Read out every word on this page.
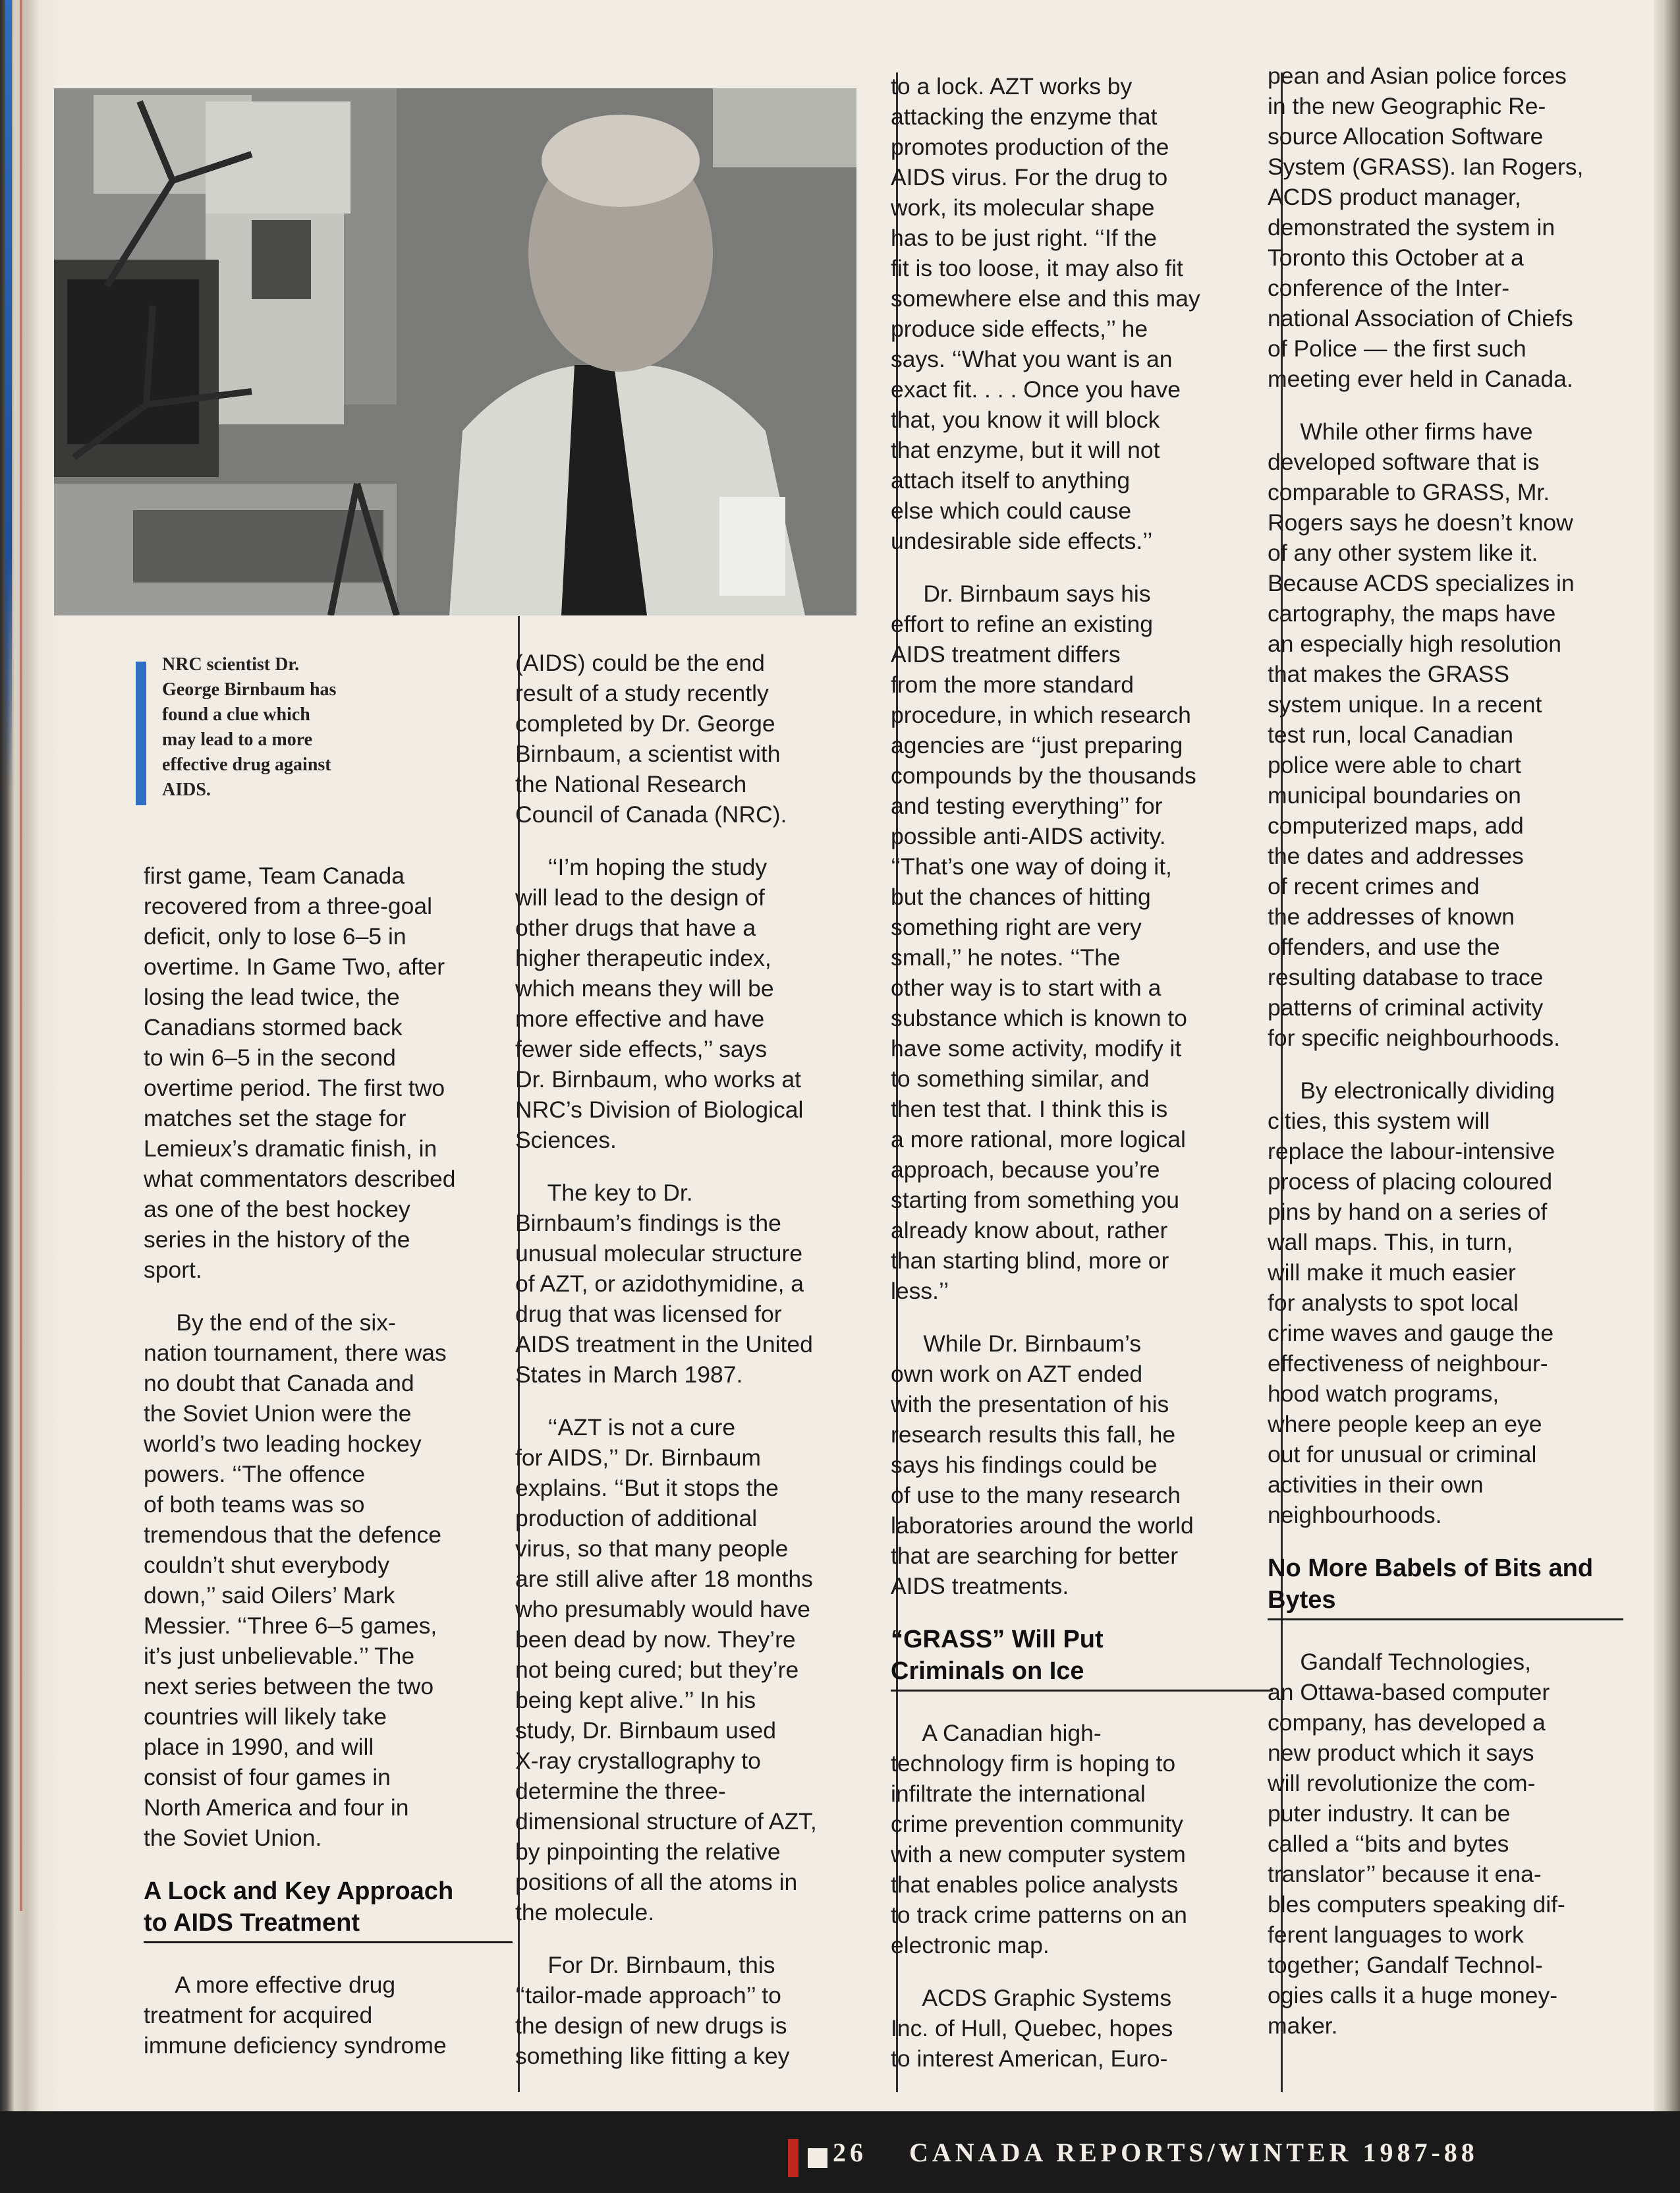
NRC scientist Dr.

George Birnbaum has

found a clue which

may lead to a more

effective drug against

AIDS.

first game, Team Canada

recovered from a three-goal

deficit, only to lose 6–5 in

overtime. In Game Two, after

losing the lead twice, the

Canadians stormed back

to win 6–5 in the second

overtime period. The first two

matches set the stage for

Lemieux’s dramatic finish, in

what commentators described

as one of the best hockey

series in the history of the

sport.

By the end of the six-

nation tournament, there was

no doubt that Canada and

the Soviet Union were the

world’s two leading hockey

powers. ‘‘The offence

of both teams was so

tremendous that the defence

couldn’t shut everybody

down,’’ said Oilers’ Mark

Messier. ‘‘Three 6–5 games,

it’s just unbelievable.’’ The

next series between the two

countries will likely take

place in 1990, and will

consist of four games in

North America and four in

the Soviet Union.

A Lock and Key Approach
to AIDS Treatment

A more effective drug

treatment for acquired

immune deficiency syndrome

(AIDS) could be the end

result of a study recently

completed by Dr. George

Birnbaum, a scientist with

the National Research

Council of Canada (NRC).

‘‘I’m hoping the study

will lead to the design of

other drugs that have a

higher therapeutic index,

which means they will be

more effective and have

fewer side effects,’’ says

Dr. Birnbaum, who works at

NRC’s Division of Biological

Sciences.

The key to Dr.

Birnbaum’s findings is the

unusual molecular structure

of AZT, or azidothymidine, a

drug that was licensed for

AIDS treatment in the United

States in March 1987.

‘‘AZT is not a cure

for AIDS,’’ Dr. Birnbaum

explains. ‘‘But it stops the

production of additional

virus, so that many people

are still alive after 18 months

who presumably would have

been dead by now. They’re

not being cured; but they’re

being kept alive.’’ In his

study, Dr. Birnbaum used

X-ray crystallography to

determine the three-

dimensional structure of AZT,

by pinpointing the relative

positions of all the atoms in

the molecule.

For Dr. Birnbaum, this

‘‘tailor-made approach’’ to

the design of new drugs is

something like fitting a key

to a lock. AZT works by

attacking the enzyme that

promotes production of the

AIDS virus. For the drug to

work, its molecular shape

has to be just right. ‘‘If the

fit is too loose, it may also fit

somewhere else and this may

produce side effects,’’ he

says. ‘‘What you want is an

exact fit. . . . Once you have

that, you know it will block

that enzyme, but it will not

attach itself to anything

else which could cause

undesirable side effects.’’

Dr. Birnbaum says his

effort to refine an existing

AIDS treatment differs

from the more standard

procedure, in which research

agencies are ‘‘just preparing

compounds by the thousands

and testing everything’’ for

possible anti-AIDS activity.

‘‘That’s one way of doing it,

but the chances of hitting

something right are very

small,’’ he notes. ‘‘The

other way is to start with a

substance which is known to

have some activity, modify it

to something similar, and

then test that. I think this is

a more rational, more logical

approach, because you’re

starting from something you

already know about, rather

than starting blind, more or

less.’’

While Dr. Birnbaum’s

own work on AZT ended

with the presentation of his

research results this fall, he

says his findings could be

of use to the many research

laboratories around the world

that are searching for better

AIDS treatments.

“GRASS” Will Put
Criminals on Ice

A Canadian high-

technology firm is hoping to

infiltrate the international

crime prevention community

with a new computer system

that enables police analysts

to track crime patterns on an

electronic map.

ACDS Graphic Systems

Inc. of Hull, Quebec, hopes

to interest American, Euro-

pean and Asian police forces

in the new Geographic Re-

source Allocation Software

System (GRASS). Ian Rogers,

ACDS product manager,

demonstrated the system in

Toronto this October at a

conference of the Inter-

national Association of Chiefs

of Police — the first such

meeting ever held in Canada.

While other firms have

developed software that is

comparable to GRASS, Mr.

Rogers says he doesn’t know

of any other system like it.

Because ACDS specializes in

cartography, the maps have

an especially high resolution

that makes the GRASS

system unique. In a recent

test run, local Canadian

police were able to chart

municipal boundaries on

computerized maps, add

the dates and addresses

of recent crimes and

the addresses of known

offenders, and use the

resulting database to trace

patterns of criminal activity

for specific neighbourhoods.

By electronically dividing

cities, this system will

replace the labour-intensive

process of placing coloured

pins by hand on a series of

wall maps. This, in turn,

will make it much easier

for analysts to spot local

crime waves and gauge the

effectiveness of neighbour-

hood watch programs,

where people keep an eye

out for unusual or criminal

activities in their own

neighbourhoods.

No More Babels of Bits and
Bytes

Gandalf Technologies,

an Ottawa-based computer

company, has developed a

new product which it says

will revolutionize the com-

puter industry. It can be

called a ‘‘bits and bytes

translator’’ because it ena-

bles computers speaking dif-

ferent languages to work

together; Gandalf Technol-

ogies calls it a huge money-

maker.

26 CANADA REPORTS/WINTER 1987-88
